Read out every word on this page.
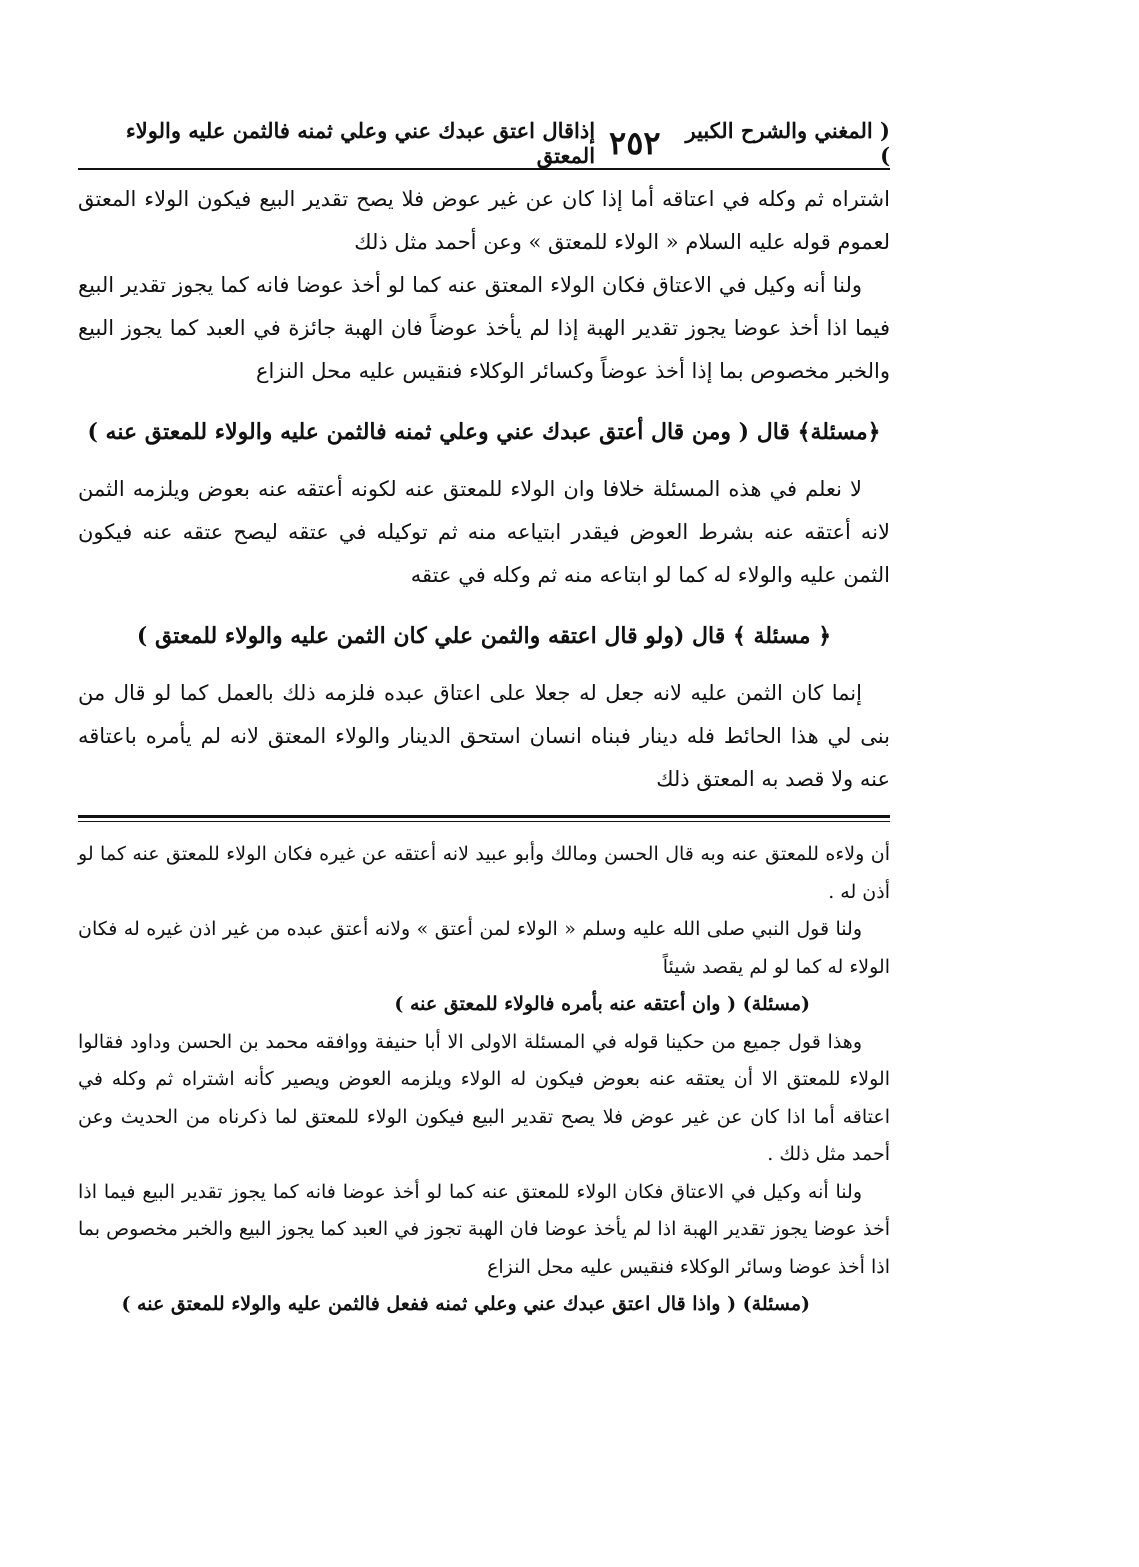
٢٥٢
إذاقال اعتق عبدك عني وعلي ثمنه فالثمن عليه والولاء المعتق
( المغني والشرح الكبير )

اشتراه ثم وكله في اعتاقه أما إذا كان عن غير عوض فلا يصح تقدير البيع فيكون الولاء المعتق لعموم قوله عليه السلام « الولاء للمعتق » وعن أحمد مثل ذلك

ولنا أنه وكيل في الاعتاق فكان الولاء المعتق عنه كما لو أخذ عوضا فانه كما يجوز تقدير البيع فيما اذا أخذ عوضا يجوز تقدير الهبة إذا لم يأخذ عوضاً فان الهبة جائزة في العبد كما يجوز البيع والخبر مخصوص بما إذا أخذ عوضاً وكسائر الوكلاء فنقيس عليه محل النزاع

﴿مسئلة﴾ قال ( ومن قال أعتق عبدك عني وعلي ثمنه فالثمن عليه والولاء للمعتق عنه )

لا نعلم في هذه المسئلة خلافا وان الولاء للمعتق عنه لكونه أعتقه عنه بعوض ويلزمه الثمن لانه أعتقه عنه بشرط العوض فيقدر ابتياعه منه ثم توكيله في عتقه ليصح عتقه عنه فيكون الثمن عليه والولاء له كما لو ابتاعه منه ثم وكله في عتقه

﴿ مسئلة ﴾ قال (ولو قال اعتقه والثمن علي كان الثمن عليه والولاء للمعتق )

إنما كان الثمن عليه لانه جعل له جعلا على اعتاق عبده فلزمه ذلك بالعمل كما لو قال من بنى لي هذا الحائط فله دينار فبناه انسان استحق الدينار والولاء المعتق لانه لم يأمره باعتاقه عنه ولا قصد به المعتق ذلك

أن ولاءه للمعتق عنه وبه قال الحسن ومالك وأبو عبيد لانه أعتقه عن غيره فكان الولاء للمعتق عنه كما لو أذن له .

ولنا قول النبي صلى الله عليه وسلم « الولاء لمن أعتق » ولانه أعتق عبده من غير اذن غيره له فكان الولاء له كما لو لم يقصد شيئاً

(مسئلة) ( وان أعتقه عنه بأمره فالولاء للمعتق عنه )

وهذا قول جميع من حكينا قوله في المسئلة الاولى الا أبا حنيفة ووافقه محمد بن الحسن وداود فقالوا الولاء للمعتق الا أن يعتقه عنه بعوض فيكون له الولاء ويلزمه العوض ويصير كأنه اشتراه ثم وكله في اعتاقه أما اذا كان عن غير عوض فلا يصح تقدير البيع فيكون الولاء للمعتق لما ذكرناه من الحديث وعن أحمد مثل ذلك .

ولنا أنه وكيل في الاعتاق فكان الولاء للمعتق عنه كما لو أخذ عوضا فانه كما يجوز تقدير البيع فيما اذا أخذ عوضا يجوز تقدير الهبة اذا لم يأخذ عوضا فان الهبة تجوز في العبد كما يجوز البيع والخبر مخصوص بما اذا أخذ عوضا وسائر الوكلاء فنقيس عليه محل النزاع

(مسئلة) ( واذا قال اعتق عبدك عني وعلي ثمنه ففعل فالثمن عليه والولاء للمعتق عنه )
